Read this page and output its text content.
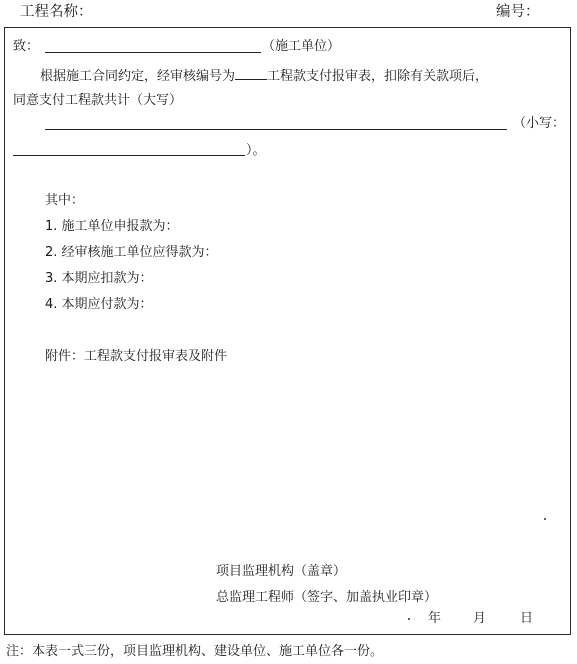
工程名称：	编号：
致：	（施工单位）
根据施工合同约定，经审核编号为 工程款支付报审表，扣除有关款项后，
同意支付工程款共计（大写）
（小写：
）。
其中：
1. 施工单位申报款为：
2. 经审核施工单位应得款为：
3. 本期应扣款为：
4. 本期应付款为：
附件：工程款支付报审表及附件
项目监理机构（盖章）
总监理工程师（签字、加盖执业印章）
年 月	日
注：本表一式三份，项目监理机构、建设单位、施工单位各一份。
